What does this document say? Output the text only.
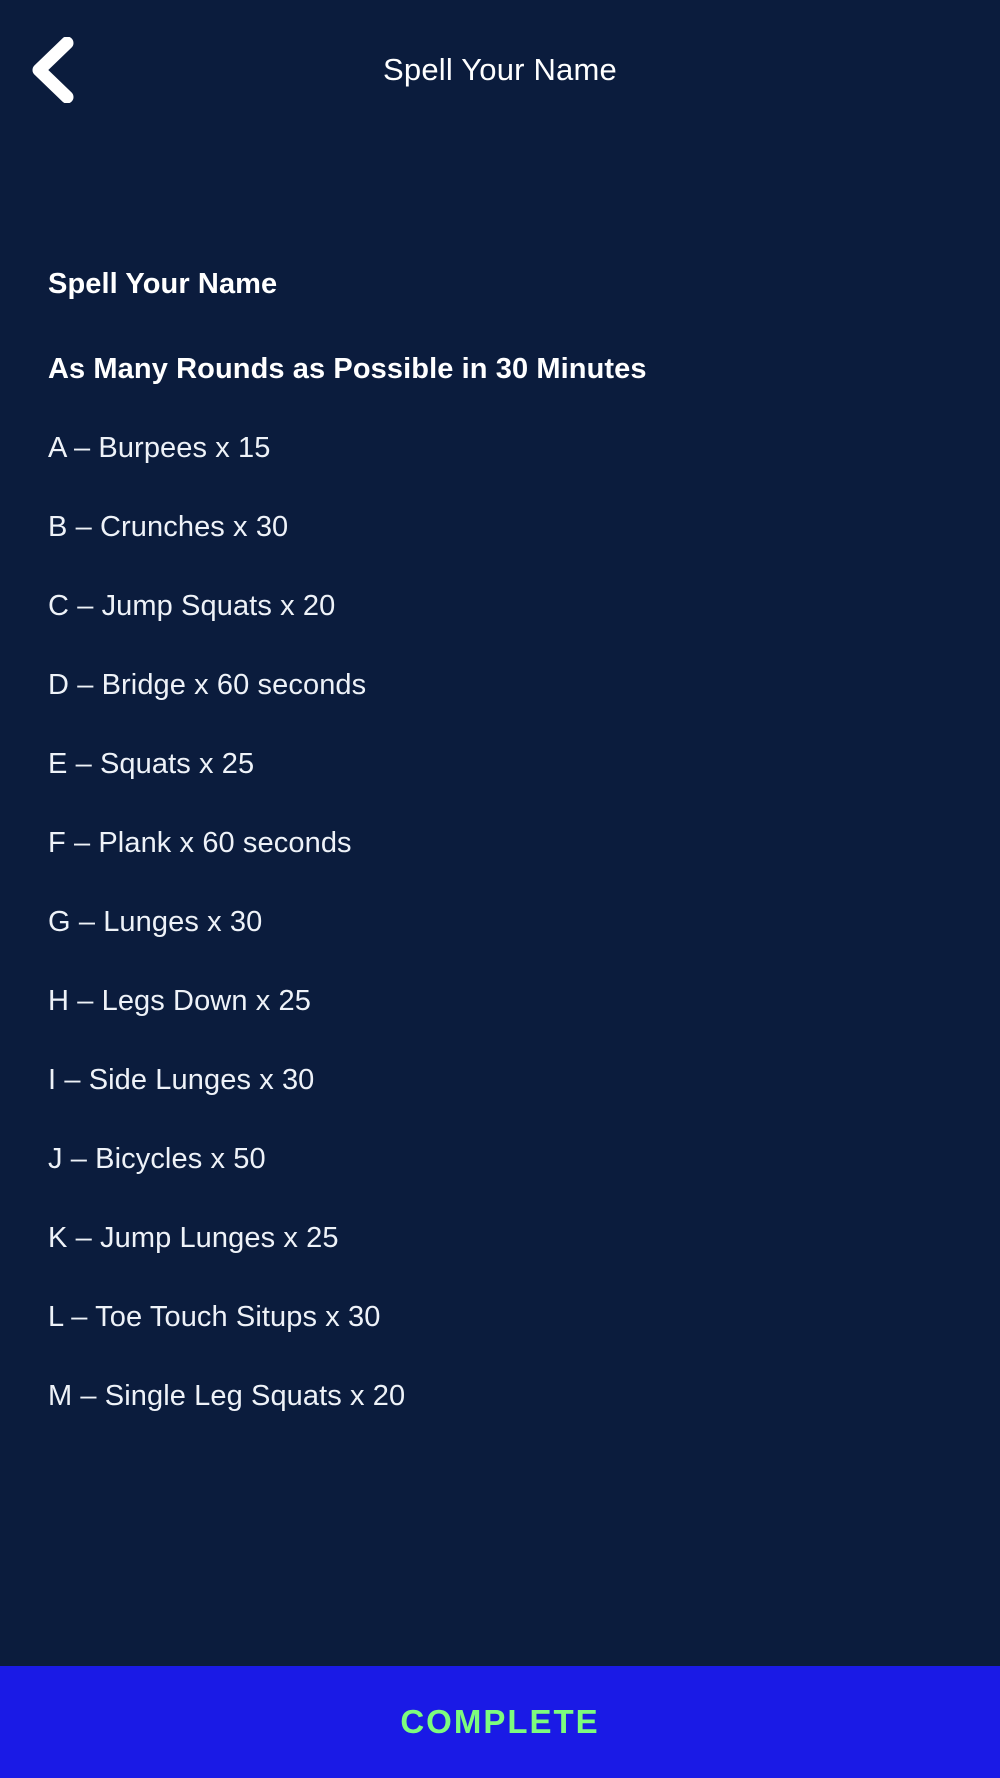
Spell Your Name
Spell Your Name
As Many Rounds as Possible in 30 Minutes
A – Burpees x 15
B – Crunches x 30
C – Jump Squats x 20
D – Bridge x 60 seconds
E – Squats x 25
F – Plank x 60 seconds
G – Lunges x 30
H – Legs Down x 25
I – Side Lunges x 30
J – Bicycles x 50
K – Jump Lunges x 25
L – Toe Touch Situps x 30
M – Single Leg Squats x 20
COMPLETE
